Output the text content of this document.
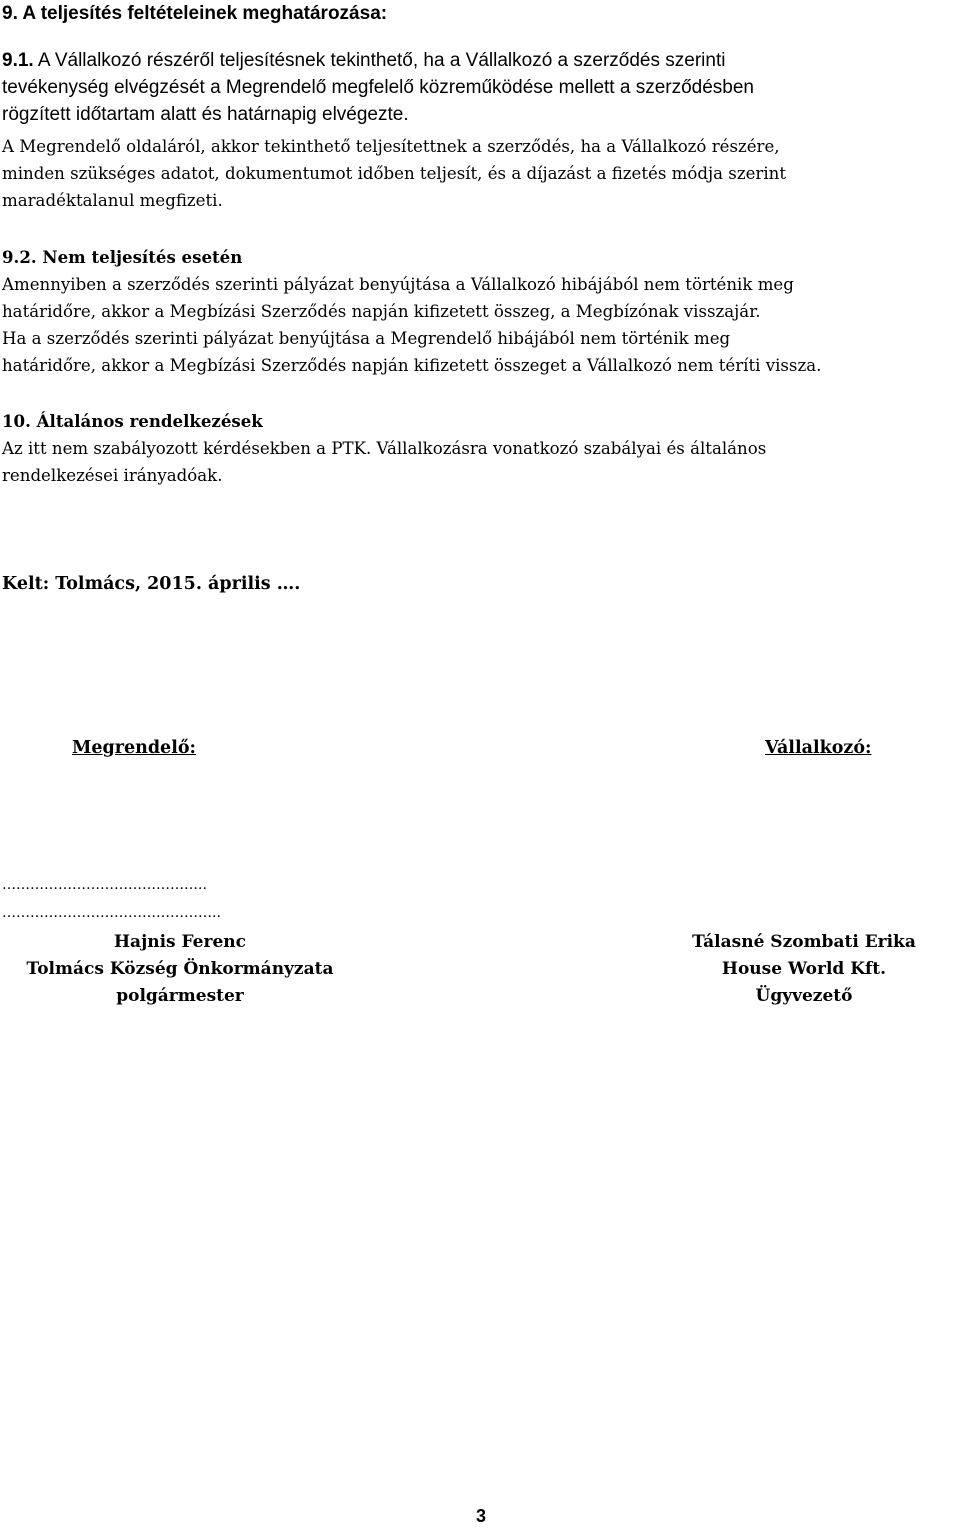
9. A teljesítés feltételeinek meghatározása:

9.1. A Vállalkozó részéről teljesítésnek tekinthető, ha a Vállalkozó a szerződés szerinti
tevékenység elvégzését a Megrendelő megfelelő közreműködése mellett a szerződésben
rögzített időtartam alatt és határnapig elvégezte.
A Megrendelő oldaláról, akkor tekinthető teljesítettnek a szerződés, ha a Vállalkozó részére,
minden szükséges adatot, dokumentumot időben teljesít, és a díjazást a fizetés módja szerint
maradéktalanul megfizeti.
9.2. Nem teljesítés esetén
Amennyiben a szerződés szerinti pályázat benyújtása a Vállalkozó hibájából nem történik meg
határidőre, akkor a Megbízási Szerződés napján kifizetett összeg, a Megbízónak visszajár.
Ha a szerződés szerinti pályázat benyújtása a Megrendelő hibájából nem történik meg
határidőre, akkor a Megbízási Szerződés napján kifizetett összeget a Vállalkozó nem téríti vissza.
10. Általános rendelkezések
Az itt nem szabályozott kérdésekben a PTK. Vállalkozásra vonatkozó szabályai és általános
rendelkezései irányadóak.

Kelt: Tolmács, 2015. április ….

Megrendelő:	Vállalkozó:

……………………………………..

………………………………………..

Hajnis Ferenc
Tolmács Község Önkormányzata
polgármester
Tálasné Szombati Erika
House World Kft.
Ügyvezető

3
